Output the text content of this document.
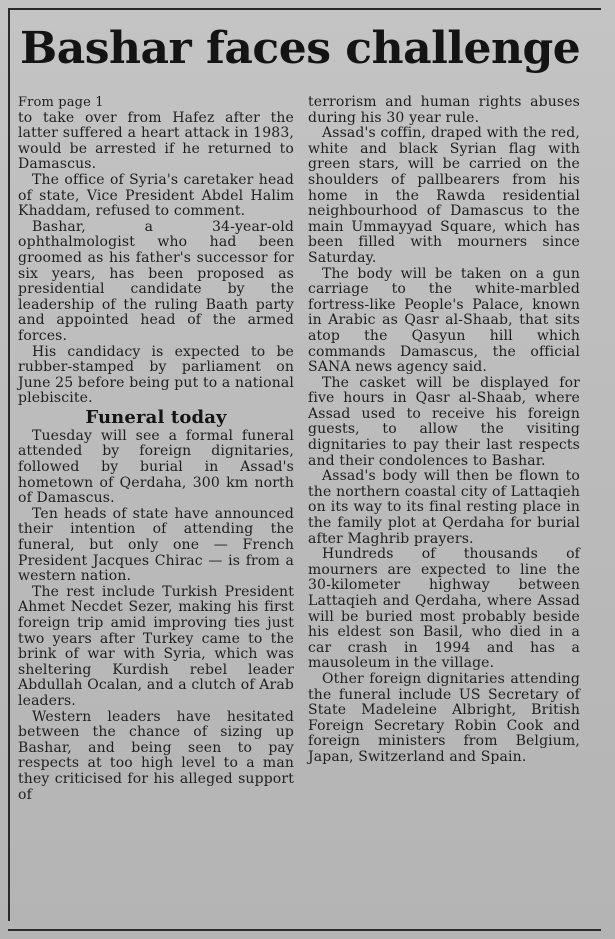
Bashar faces challenge

From page 1

to take over from Hafez after the latter suffered a heart attack in 1983, would be arrested if he returned to Damascus.

The office of Syria's caretaker head of state, Vice President Abdel Halim Khaddam, refused to comment.

Bashar, a 34-year-old ophthalmologist who had been groomed as his father's successor for six years, has been proposed as presidential candidate by the leadership of the ruling Baath party and appointed head of the armed forces.

His candidacy is expected to be rubber-stamped by parliament on June 25 before being put to a national plebiscite.

Funeral today

Tuesday will see a formal funeral attended by foreign dignitaries, followed by burial in Assad's hometown of Qerdaha, 300 km north of Damascus.

Ten heads of state have announced their intention of attending the funeral, but only one — French President Jacques Chirac — is from a western nation.

The rest include Turkish President Ahmet Necdet Sezer, making his first foreign trip amid improving ties just two years after Turkey came to the brink of war with Syria, which was sheltering Kurdish rebel leader Abdullah Ocalan, and a clutch of Arab leaders.

Western leaders have hesitated between the chance of sizing up Bashar, and being seen to pay respects at too high level to a man they criticised for his alleged support of

terrorism and human rights abuses during his 30 year rule.

Assad's coffin, draped with the red, white and black Syrian flag with green stars, will be carried on the shoulders of pallbearers from his home in the Rawda residential neighbourhood of Damascus to the main Ummayyad Square, which has been filled with mourners since Saturday.

The body will be taken on a gun carriage to the white-marbled fortress-like People's Palace, known in Arabic as Qasr al-Shaab, that sits atop the Qasyun hill which commands Damascus, the official SANA news agency said.

The casket will be displayed for five hours in Qasr al-Shaab, where Assad used to receive his foreign guests, to allow the visiting dignitaries to pay their last respects and their condolences to Bashar.

Assad's body will then be flown to the northern coastal city of Lattaqieh on its way to its final resting place in the family plot at Qerdaha for burial after Maghrib prayers.

Hundreds of thousands of mourners are expected to line the 30-kilometer highway between Lattaqieh and Qerdaha, where Assad will be buried most probably beside his eldest son Basil, who died in a car crash in 1994 and has a mausoleum in the village.

Other foreign dignitaries attending the funeral include US Secretary of State Madeleine Albright, British Foreign Secretary Robin Cook and foreign ministers from Belgium, Japan, Switzerland and Spain.
